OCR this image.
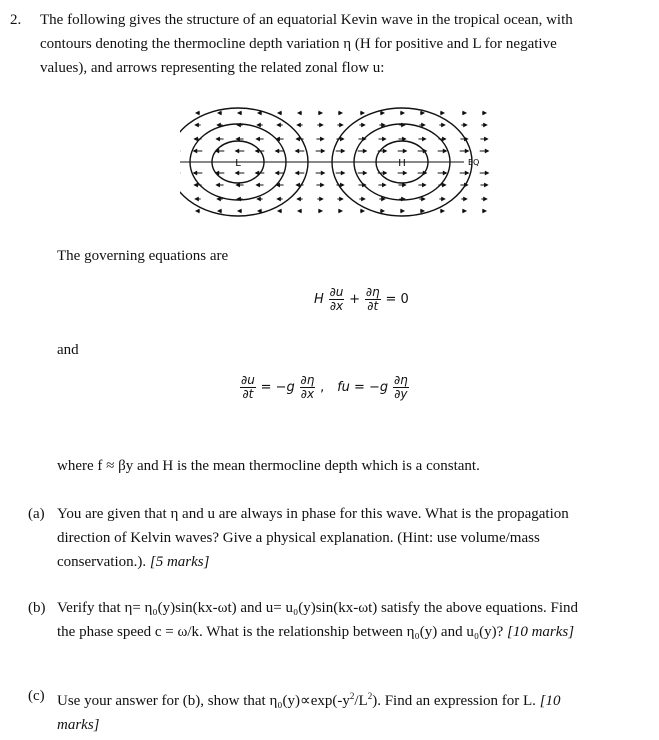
2. The following gives the structure of an equatorial Kevin wave in the tropical ocean, with
contours denoting the thermocline depth variation η (H for positive and L for negative
values), and arrows representing the related zonal flow u:
L	H	EQ
The governing equations are
H $\frac{\partial u}{\partial x} + \frac{\partial\eta}{\partial t} = 0$
and
$\frac{\partial u}{\partial t} = -g \frac{\partial\eta}{\partial x}$ , fu = $-g \frac{\partial\eta}{\partial y}$
where f ≈ βy and H is the mean thermocline depth which is a constant.
(a) You are given that η and u are always in phase for this wave. What is the propagation
direction of Kelvin waves? Give a physical explanation. (Hint: use volume/mass
conservation.). [5 marks]
(b) Verify that η= η₀(y)sin(kx-ωt) and u= u₀(y)sin(kx-ωt) satisfy the above equations. Find
the phase speed c = ω/k. What is the relationship between η₀(y) and u₀(y)? [10 marks]
(c) Use your answer for (b), show that $\eta_0(y)\propto\exp(-y^2/L^2)$. Find an expression for L. [10
marks]
